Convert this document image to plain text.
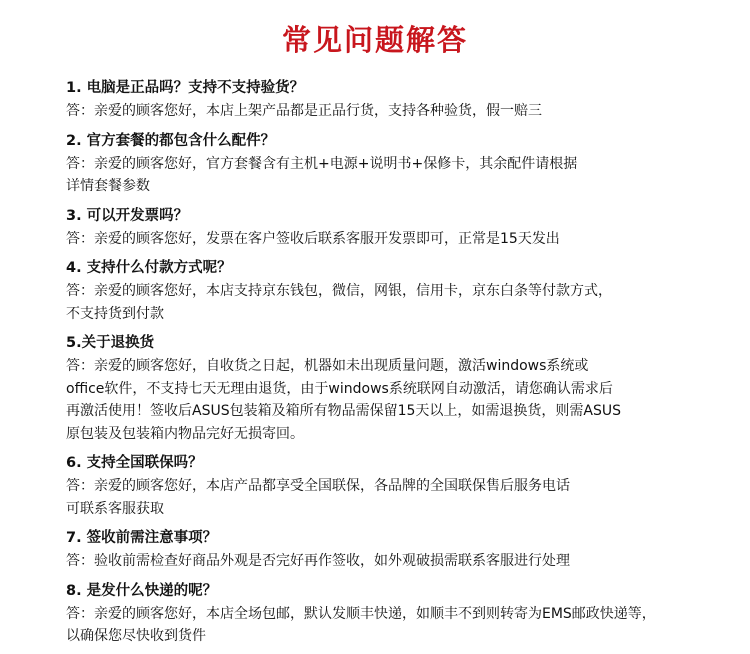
常见问题解答
1. 电脑是正品吗？支持不支持验货？
答：亲爱的顾客您好，本店上架产品都是正品行货，支持各种验货，假一赔三
2. 官方套餐的都包含什么配件？
答：亲爱的顾客您好，官方套餐含有主机+电源+说明书+保修卡，其余配件请根据
详情套餐参数
3. 可以开发票吗？
答：亲爱的顾客您好，发票在客户签收后联系客服开发票即可，正常是15天发出
4. 支持什么付款方式呢？
答：亲爱的顾客您好，本店支持京东钱包，微信，网银，信用卡，京东白条等付款方式，
不支持货到付款
5.关于退换货
答：亲爱的顾客您好，自收货之日起，机器如未出现质量问题，激活windows系统或
office软件，不支持七天无理由退货，由于windows系统联网自动激活，请您确认需求后
再激活使用！签收后ASUS包装箱及箱所有物品需保留15天以上，如需退换货，则需ASUS
原包装及包装箱内物品完好无损寄回。
6. 支持全国联保吗？
答：亲爱的顾客您好，本店产品都享受全国联保，各品牌的全国联保售后服务电话
可联系客服获取
7. 签收前需注意事项？
答：验收前需检查好商品外观是否完好再作签收，如外观破损需联系客服进行处理
8. 是发什么快递的呢？
答：亲爱的顾客您好，本店全场包邮，默认发顺丰快递，如顺丰不到则转寄为EMS邮政快递等，
以确保您尽快收到货件
